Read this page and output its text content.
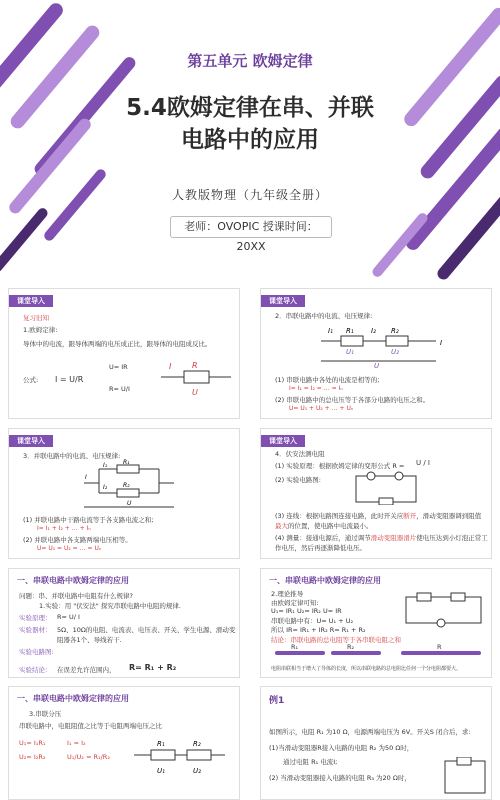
第五单元 欧姆定律
5.4欧姆定律在串、并联
电路中的应用
人教版物理（九年级全册）
老师：OVOPIC 授课时间：20XX
课堂导入
复习旧知
1.欧姆定律:
导体中的电流，跟导体两端的电压成正比，跟导体的电阻成反比。
公式: I = U/R
U= IR
R= U/I
I	R
U
课堂导入
2．串联电路中的电流、电压规律:
I₁ R₁ I₂ R₂
U₁	U₂
U
I
(1) 串联电路中各处的电流是相等的;
I= I₁ = I₂ = … = Iₙ
(2) 串联电路中的总电压等于各部分电路的电压之和。
U= U₁ + U₂ + … + Uₙ
课堂导入
3．并联电路中的电流、电压规律:
I
I₁	R₁
I₂	R₂
U
(1) 并联电路中干路电流等于各支路电流之和;
I= I₁ + I₂ + … + Iₙ
(2) 并联电路中各支路两端电压相等。
U= U₁ = U₂ = … = Uₙ
课堂导入
4．伏安法测电阻
(1) 实验原理：根据欧姆定律的变形公式 R = U / I
(2) 实验电路图:
(3) 连线：根据电路图连接电路，此时开关应断开，滑动变阻器调到阻值
最大的位置，使电路中电流最小。
(4) 测量：接通电源后，通过调节滑动变阻器滑片使电压达到小灯泡正常工
作电压，然后再逐渐降低电压。
一、串联电路中欧姆定律的应用
问题：串、并联电路中电阻有什么规律?
1.实验：用 "伏安法" 探究串联电路中电阻的规律.
实验原理： R= U/ I
实验器材： 5Ω、10Ω的电阻、电流表、电压表、开关、学生电源、滑动变
阻器各1个、导线若干.
实验电路图:
实验结论： 在误差允许范围内， R= R₁ + R₂
一、串联电路中欧姆定律的应用
2.理论推导
由欧姆定律可知:
U₁= IR₁ U₂= IR₂ U= IR
串联电路中有：U= U₁ + U₂
所以 IR= IR₁ + IR₂ R= R₁ + R₂
结论：串联电路的总电阻等于各串联电阻之和
R₁	R₂	R
电阻串联相当于增大了导体的长度，所以串联电路的总电阻比任何一个分电阻都要大。
一、串联电路中欧姆定律的应用
3.串联分压
串联电路中，电阻阻值之比等于电阻两端电压之比
U₁= I₁R₁	I₁ = I₂
U₂= I₂R₂	U₁/U₂ = R₁/R₂
R₁	R₂
U₁	U₂
例1
如图所示，电阻 R₁ 为10 Ω，电源两端电压为 6V。开关S 闭合后，求:
(1)当滑动变阻器R接入电路的电阻 R₂ 为50 Ω时，
通过电阻 R₁ 电流I;
(2) 当滑动变阻器接入电路的电阻 R₃ 为20 Ω时，
